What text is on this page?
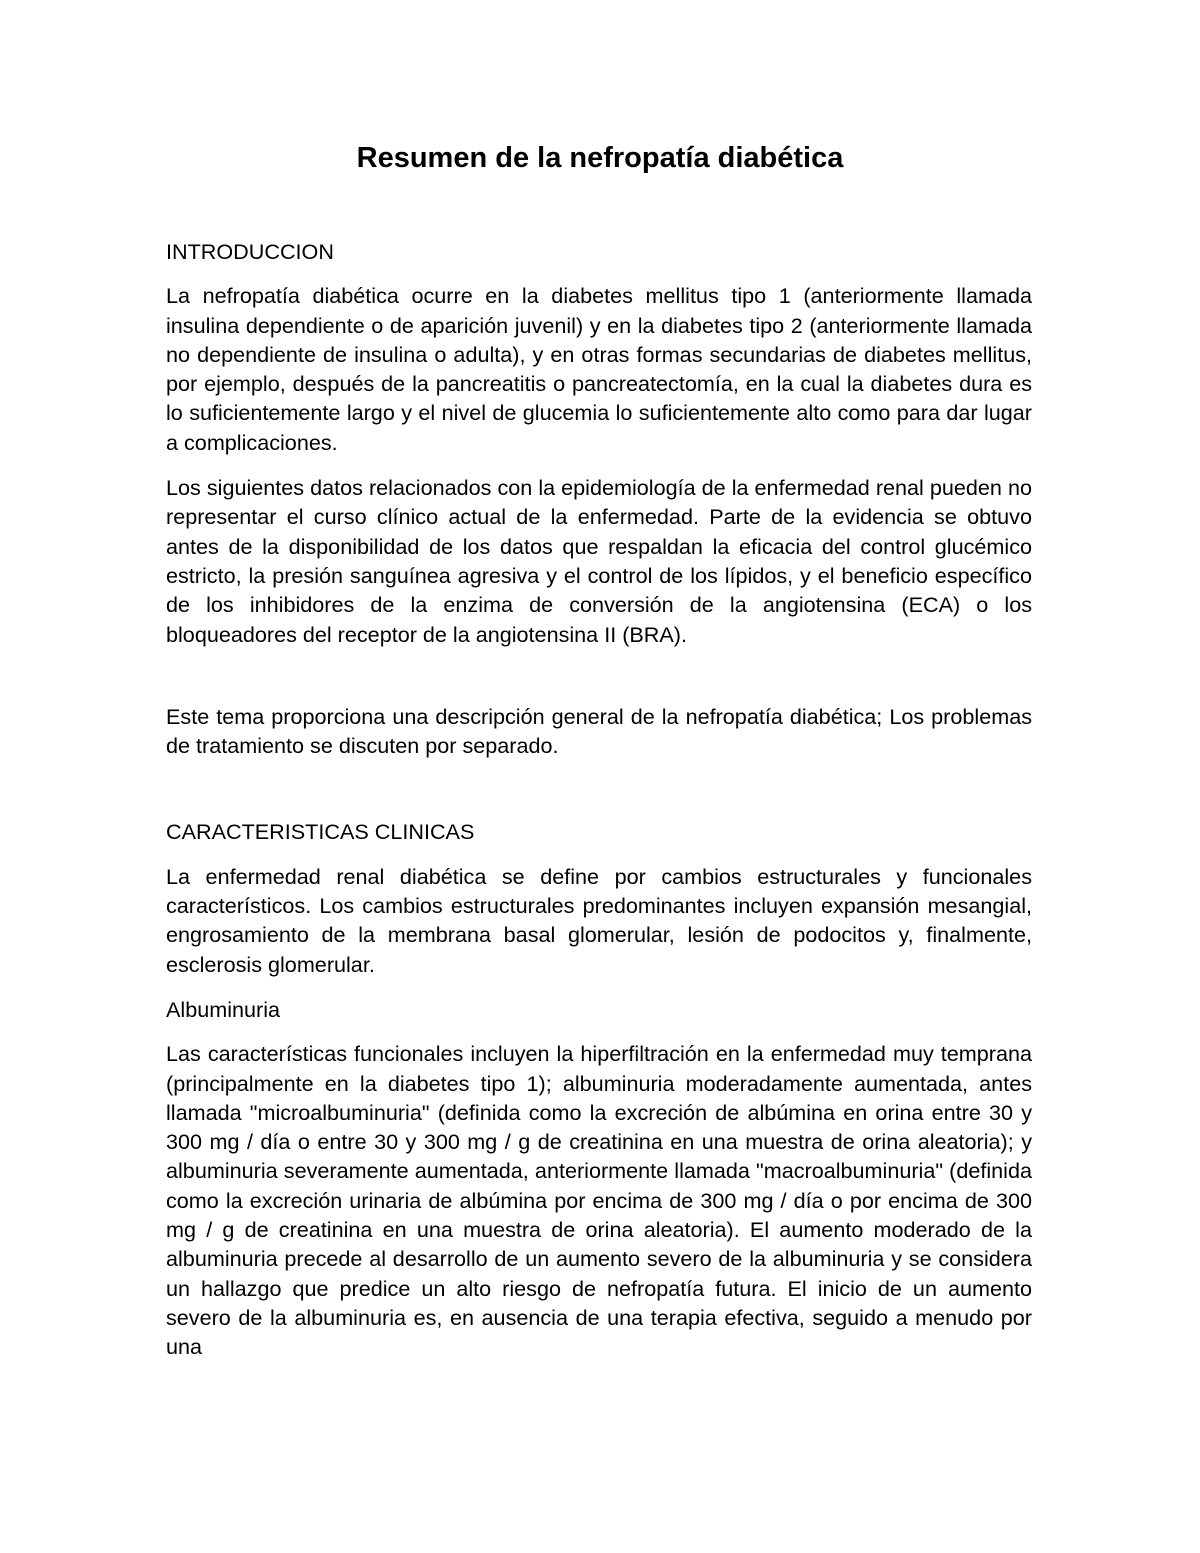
Resumen de la nefropatía diabética
INTRODUCCION

La nefropatía diabética ocurre en la diabetes mellitus tipo 1 (anteriormente llamada insulina dependiente o de aparición juvenil) y en la diabetes tipo 2 (anteriormente llamada no dependiente de insulina o adulta), y en otras formas secundarias de diabetes mellitus, por ejemplo, después de la pancreatitis o pancreatectomía, en la cual la diabetes dura es lo suficientemente largo y el nivel de glucemia lo suficientemente alto como para dar lugar a complicaciones.

Los siguientes datos relacionados con la epidemiología de la enfermedad renal pueden no representar el curso clínico actual de la enfermedad. Parte de la evidencia se obtuvo antes de la disponibilidad de los datos que respaldan la eficacia del control glucémico estricto, la presión sanguínea agresiva y el control de los lípidos, y el beneficio específico de los inhibidores de la enzima de conversión de la angiotensina (ECA) o los bloqueadores del receptor de la angiotensina II (BRA).

Este tema proporciona una descripción general de la nefropatía diabética; Los problemas de tratamiento se discuten por separado.

CARACTERISTICAS CLINICAS

La enfermedad renal diabética se define por cambios estructurales y funcionales característicos. Los cambios estructurales predominantes incluyen expansión mesangial, engrosamiento de la membrana basal glomerular, lesión de podocitos y, finalmente, esclerosis glomerular.

Albuminuria

Las características funcionales incluyen la hiperfiltración en la enfermedad muy temprana (principalmente en la diabetes tipo 1); albuminuria moderadamente aumentada, antes llamada "microalbuminuria" (definida como la excreción de albúmina en orina entre 30 y 300 mg / día o entre 30 y 300 mg / g de creatinina en una muestra de orina aleatoria); y albuminuria severamente aumentada, anteriormente llamada "macroalbuminuria" (definida como la excreción urinaria de albúmina por encima de 300 mg / día o por encima de 300 mg / g de creatinina en una muestra de orina aleatoria). El aumento moderado de la albuminuria precede al desarrollo de un aumento severo de la albuminuria y se considera un hallazgo que predice un alto riesgo de nefropatía futura. El inicio de un aumento severo de la albuminuria es, en ausencia de una terapia efectiva, seguido a menudo por una
